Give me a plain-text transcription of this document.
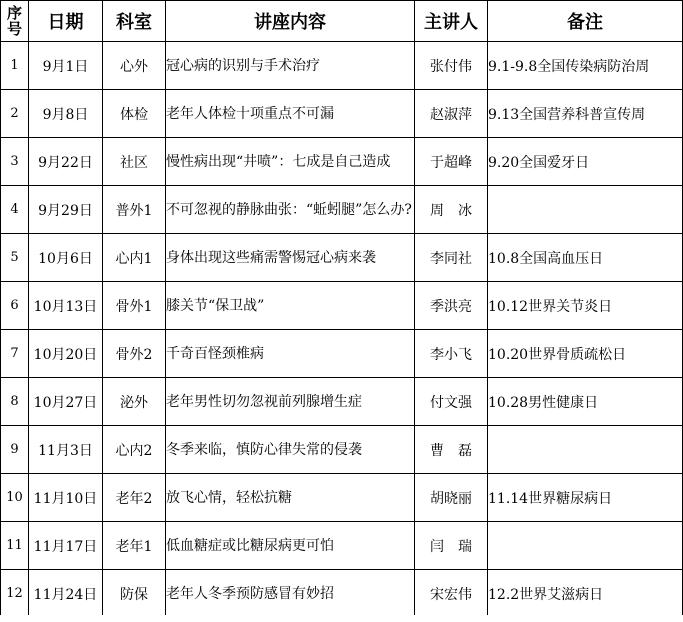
序
号	日期	科室	讲座内容	主讲人	备注
1	9月1日	心外	冠心病的识别与手术治疗	张付伟	9.1-9.8全国传染病防治周
2	9月8日	体检	老年人体检十项重点不可漏	赵淑萍	9.13全国营养科普宣传周
3	9月22日	社区	慢性病出现“井喷”：七成是自己造成	于超峰	9.20全国爱牙日
4	9月29日	普外1	不可忽视的静脉曲张：“蚯蚓腿”怎么办?	周　冰	
5	10月6日	心内1	身体出现这些痛需警惕冠心病来袭	李同社	10.8全国高血压日
6	10月13日	骨外1	膝关节“保卫战”	季洪亮	10.12世界关节炎日
7	10月20日	骨外2	千奇百怪颈椎病	李小飞	10.20世界骨质疏松日
8	10月27日	泌外	老年男性切勿忽视前列腺增生症	付文强	10.28男性健康日
9	11月3日	心内2	冬季来临，慎防心律失常的侵袭	曹　磊	
10	11月10日	老年2	放飞心情，轻松抗糖	胡晓丽	11.14世界糖尿病日
11	11月17日	老年1	低血糖症或比糖尿病更可怕	闫　瑞	
12	11月24日	防保	老年人冬季预防感冒有妙招	宋宏伟	12.2世界艾滋病日
